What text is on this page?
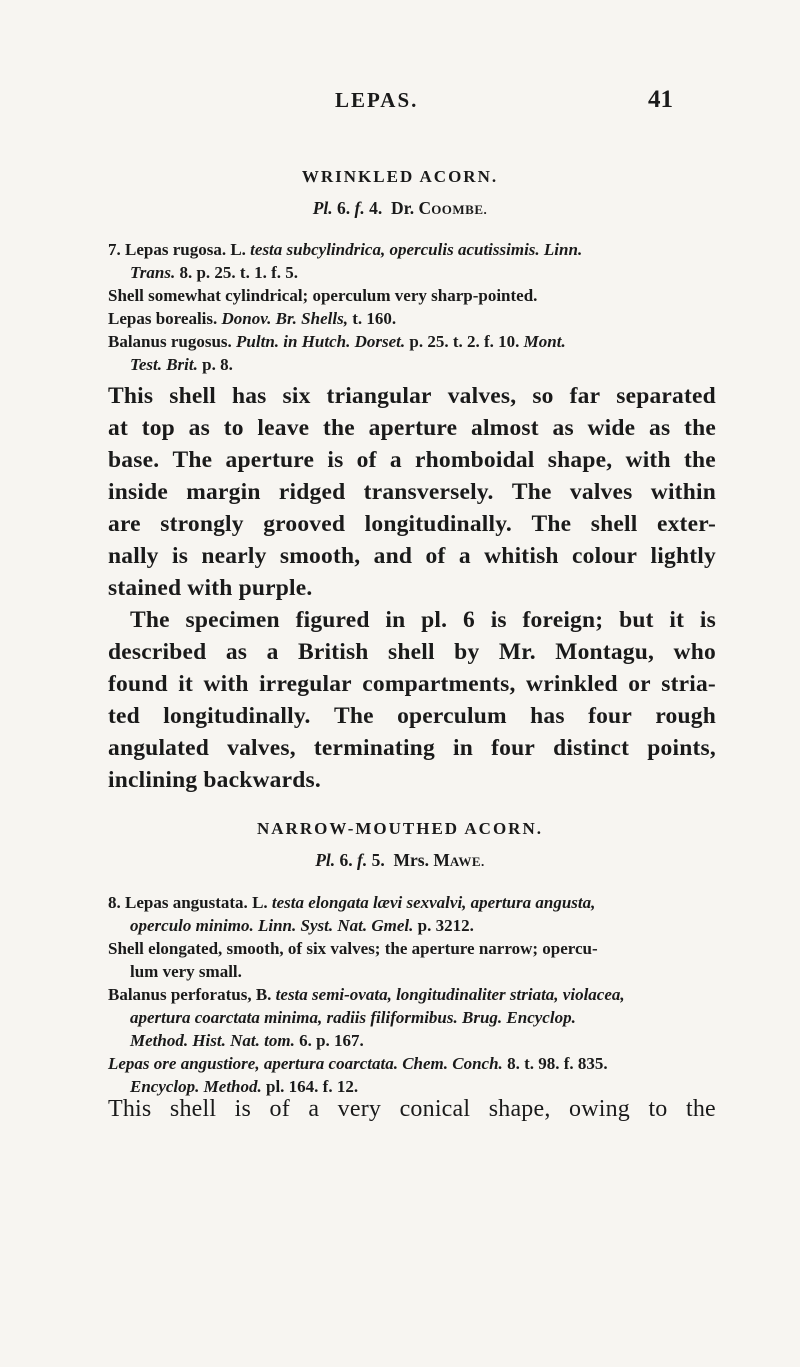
LEPAS.	41
WRINKLED ACORN.
Pl. 6. f. 4. Dr. COOMBE.
7. Lepas rugosa. L. testa subcylindrica, operculis acutissimis. Linn.
Trans. 8. p. 25. t. 1. f. 5.
Shell somewhat cylindrical; operculum very sharp-pointed.
Lepas borealis. Donov. Br. Shells, t. 160.
Balanus rugosus. Pultn. in Hutch. Dorset. p. 25. t. 2. f. 10. Mont.
Test. Brit. p. 8.
This shell has six triangular valves, so far separated
at top as to leave the aperture almost as wide as the
base. The aperture is of a rhomboidal shape, with the
inside margin ridged transversely. The valves within
are strongly grooved longitudinally. The shell exter-
nally is nearly smooth, and of a whitish colour lightly
stained with purple.
The specimen figured in pl. 6 is foreign; but it is
described as a British shell by Mr. Montagu, who
found it with irregular compartments, wrinkled or stria-
ted longitudinally. The operculum has four rough
angulated valves, terminating in four distinct points,
inclining backwards.
NARROW-MOUTHED ACORN.
Pl. 6. f. 5. Mrs. MAWE.
8. Lepas angustata. L. testa elongata lævi sexvalvi, apertura angusta,
operculo minimo. Linn. Syst. Nat. Gmel. p. 3212.
Shell elongated, smooth, of six valves; the aperture narrow; opercu-
lum very small.
Balanus perforatus, B. testa semi-ovata, longitudinaliter striata, violacea,
apertura coarctata minima, radiis filiformibus. Brug. Encyclop.
Method. Hist. Nat. tom. 6. p. 167.
Lepas ore angustiore, apertura coarctata. Chem. Conch. 8. t. 98. f. 835.
Encyclop. Method. pl. 164. f. 12.
This shell is of a very conical shape, owing to the
